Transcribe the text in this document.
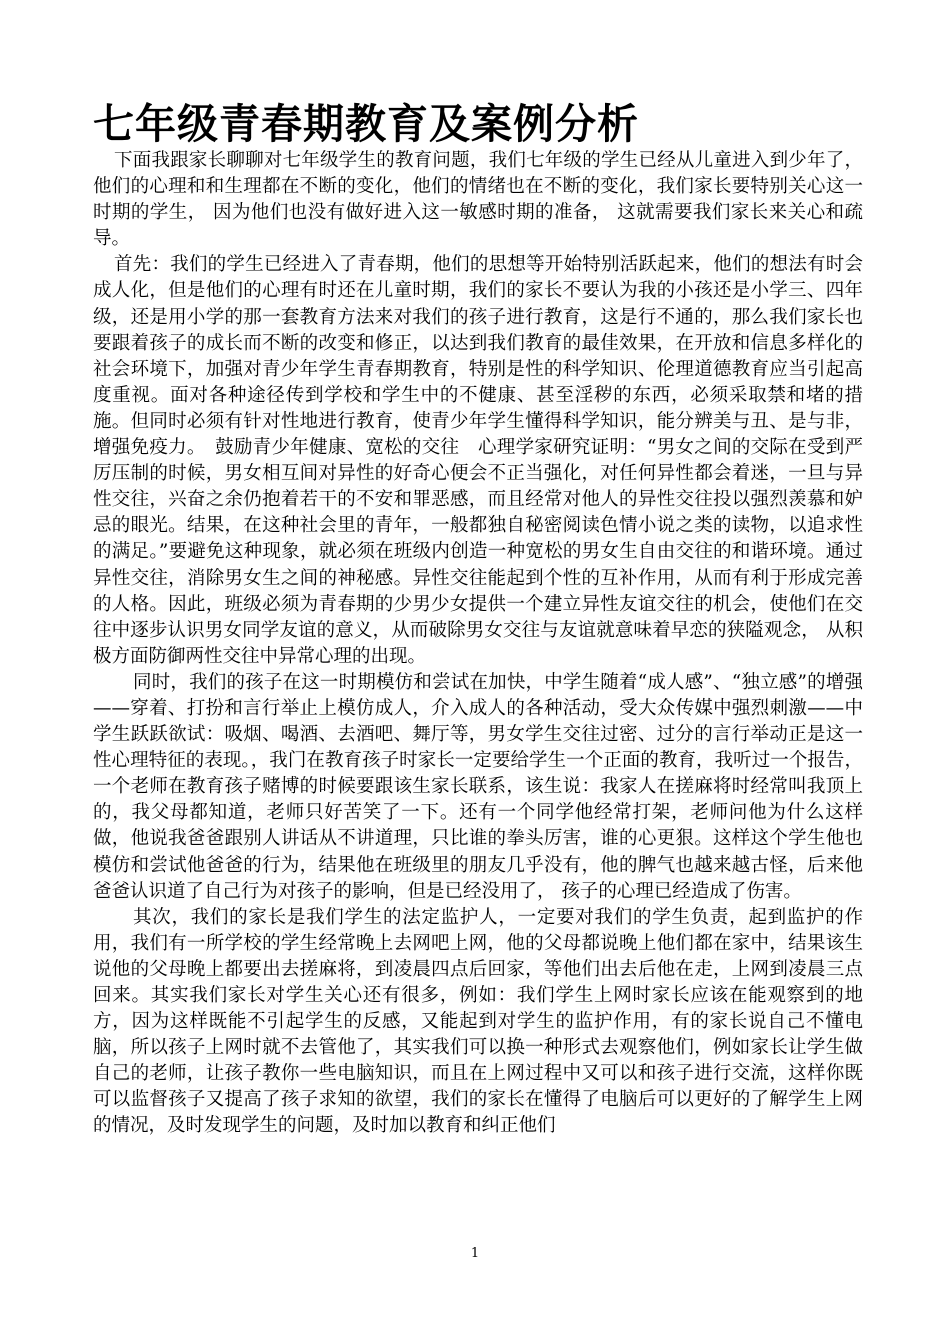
七年级青春期教育及案例分析

下面我跟家长聊聊对七年级学生的教育问题，我们七年级的学生已经从儿童进入到少年了，他们的心理和和生理都在不断的变化，他们的情绪也在不断的变化，我们家长要特别关心这一时期的学生， 因为他们也没有做好进入这一敏感时期的准备， 这就需要我们家长来关心和疏导。

首先：我们的学生已经进入了青春期，他们的思想等开始特别活跃起来，他们的想法有时会成人化，但是他们的心理有时还在儿童时期，我们的家长不要认为我的小孩还是小学三、四年级，还是用小学的那一套教育方法来对我们的孩子进行教育，这是行不通的，那么我们家长也要跟着孩子的成长而不断的改变和修正，以达到我们教育的最佳效果，在开放和信息多样化的社会环境下，加强对青少年学生青春期教育，特别是性的科学知识、伦理道德教育应当引起高度重视。面对各种途径传到学校和学生中的不健康、甚至淫秽的东西，必须采取禁和堵的措施。但同时必须有针对性地进行教育，使青少年学生懂得科学知识，能分辨美与丑、是与非，增强免疫力。　鼓励青少年健康、宽松的交往　心理学家研究证明：“男女之间的交际在受到严厉压制的时候，男女相互间对异性的好奇心便会不正当强化，对任何异性都会着迷，一旦与异性交往，兴奋之余仍抱着若干的不安和罪恶感，而且经常对他人的异性交往投以强烈羡慕和妒忌的眼光。结果，在这种社会里的青年，一般都独自秘密阅读色情小说之类的读物，以追求性的满足。”要避免这种现象，就必须在班级内创造一种宽松的男女生自由交往的和谐环境。通过异性交往，消除男女生之间的神秘感。异性交往能起到个性的互补作用，从而有利于形成完善的人格。因此，班级必须为青春期的少男少女提供一个建立异性友谊交往的机会，使他们在交往中逐步认识男女同学友谊的意义，从而破除男女交往与友谊就意味着早恋的狭隘观念， 从积极方面防御两性交往中异常心理的出现。

同时，我们的孩子在这一时期模仿和尝试在加快，中学生随着“成人感”、“独立感”的增强——穿着、打扮和言行举止上模仿成人，介入成人的各种活动，受大众传媒中强烈刺激——中学生跃跃欲试：吸烟、喝酒、去酒吧、舞厅等，男女学生交往过密、过分的言行举动正是这一性心理特征的表现。，我门在教育孩子时家长一定要给学生一个正面的教育，我听过一个报告，一个老师在教育孩子赌博的时候要跟该生家长联系，该生说：我家人在搓麻将时经常叫我顶上的，我父母都知道，老师只好苦笑了一下。还有一个同学他经常打架，老师问他为什么这样做，他说我爸爸跟别人讲话从不讲道理，只比谁的拳头厉害，谁的心更狠。这样这个学生他也模仿和尝试他爸爸的行为，结果他在班级里的朋友几乎没有，他的脾气也越来越古怪，后来他爸爸认识道了自己行为对孩子的影响，但是已经没用了， 孩子的心理已经造成了伤害。

其次，我们的家长是我们学生的法定监护人，一定要对我们的学生负责，起到监护的作用，我们有一所学校的学生经常晚上去网吧上网，他的父母都说晚上他们都在家中，结果该生说他的父母晚上都要出去搓麻将，到凌晨四点后回家，等他们出去后他在走，上网到凌晨三点回来。其实我们家长对学生关心还有很多，例如：我们学生上网时家长应该在能观察到的地方，因为这样既能不引起学生的反感，又能起到对学生的监护作用，有的家长说自己不懂电脑，所以孩子上网时就不去管他了，其实我们可以换一种形式去观察他们，例如家长让学生做自己的老师，让孩子教你一些电脑知识，而且在上网过程中又可以和孩子进行交流，这样你既可以监督孩子又提高了孩子求知的欲望，我们的家长在懂得了电脑后可以更好的了解学生上网的情况，及时发现学生的问题，及时加以教育和纠正他们

1
